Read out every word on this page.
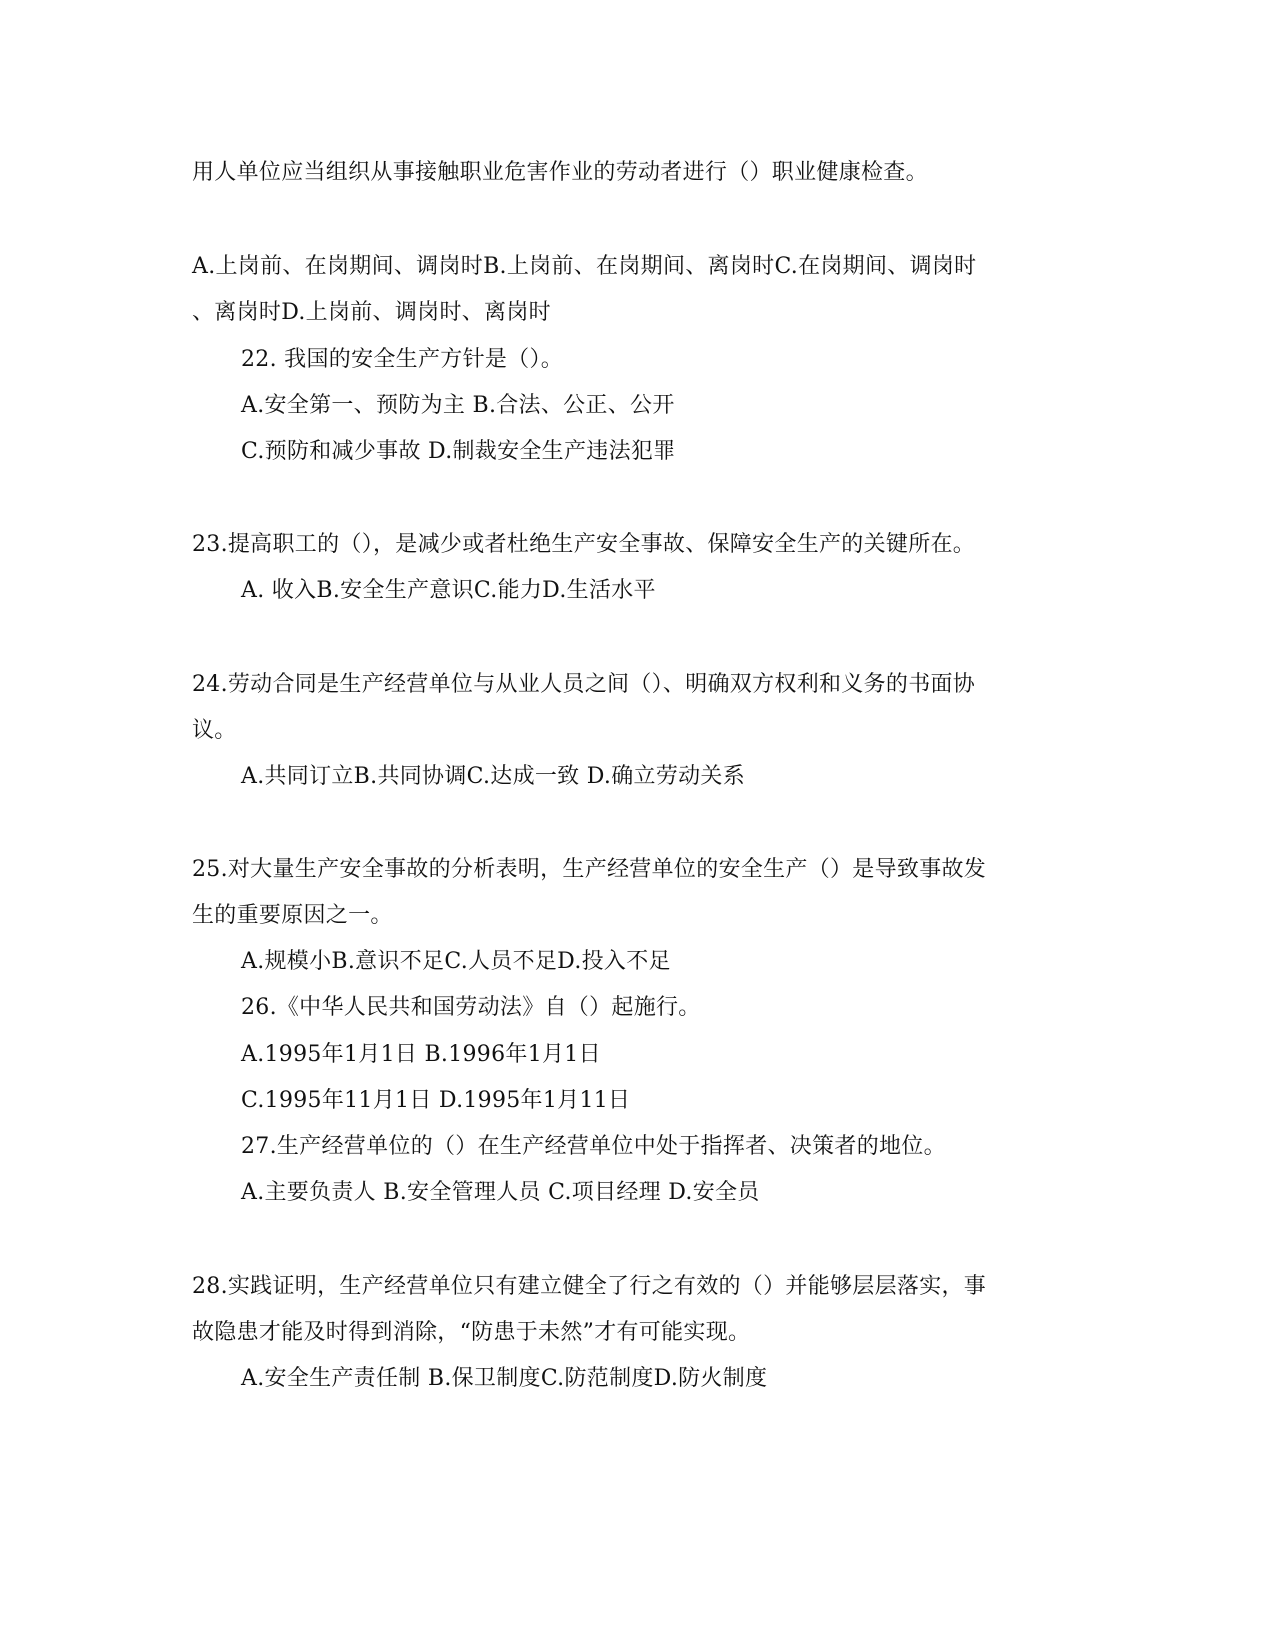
用人单位应当组织从事接触职业危害作业的劳动者进行（）职业健康检查。
A.上岗前、在岗期间、调岗时B.上岗前、在岗期间、离岗时C.在岗期间、调岗时
、离岗时D.上岗前、调岗时、离岗时
22. 我国的安全生产方针是（）。
A.安全第一、预防为主 B.合法、公正、公开
C.预防和减少事故 D.制裁安全生产违法犯罪
23.提高职工的（），是减少或者杜绝生产安全事故、保障安全生产的关键所在。
A. 收入B.安全生产意识C.能力D.生活水平
24.劳动合同是生产经营单位与从业人员之间（）、明确双方权利和义务的书面协
议。
A.共同订立B.共同协调C.达成一致 D.确立劳动关系
25.对大量生产安全事故的分析表明，生产经营单位的安全生产（）是导致事故发
生的重要原因之一。
A.规模小B.意识不足C.人员不足D.投入不足
26.《中华人民共和国劳动法》自（）起施行。
A.1995年1月1日 B.1996年1月1日
C.1995年11月1日 D.1995年1月11日
27.生产经营单位的（）在生产经营单位中处于指挥者、决策者的地位。
A.主要负责人 B.安全管理人员 C.项目经理 D.安全员
28.实践证明，生产经营单位只有建立健全了行之有效的（）并能够层层落实，事
故隐患才能及时得到消除，“防患于未然”才有可能实现。
A.安全生产责任制 B.保卫制度C.防范制度D.防火制度
